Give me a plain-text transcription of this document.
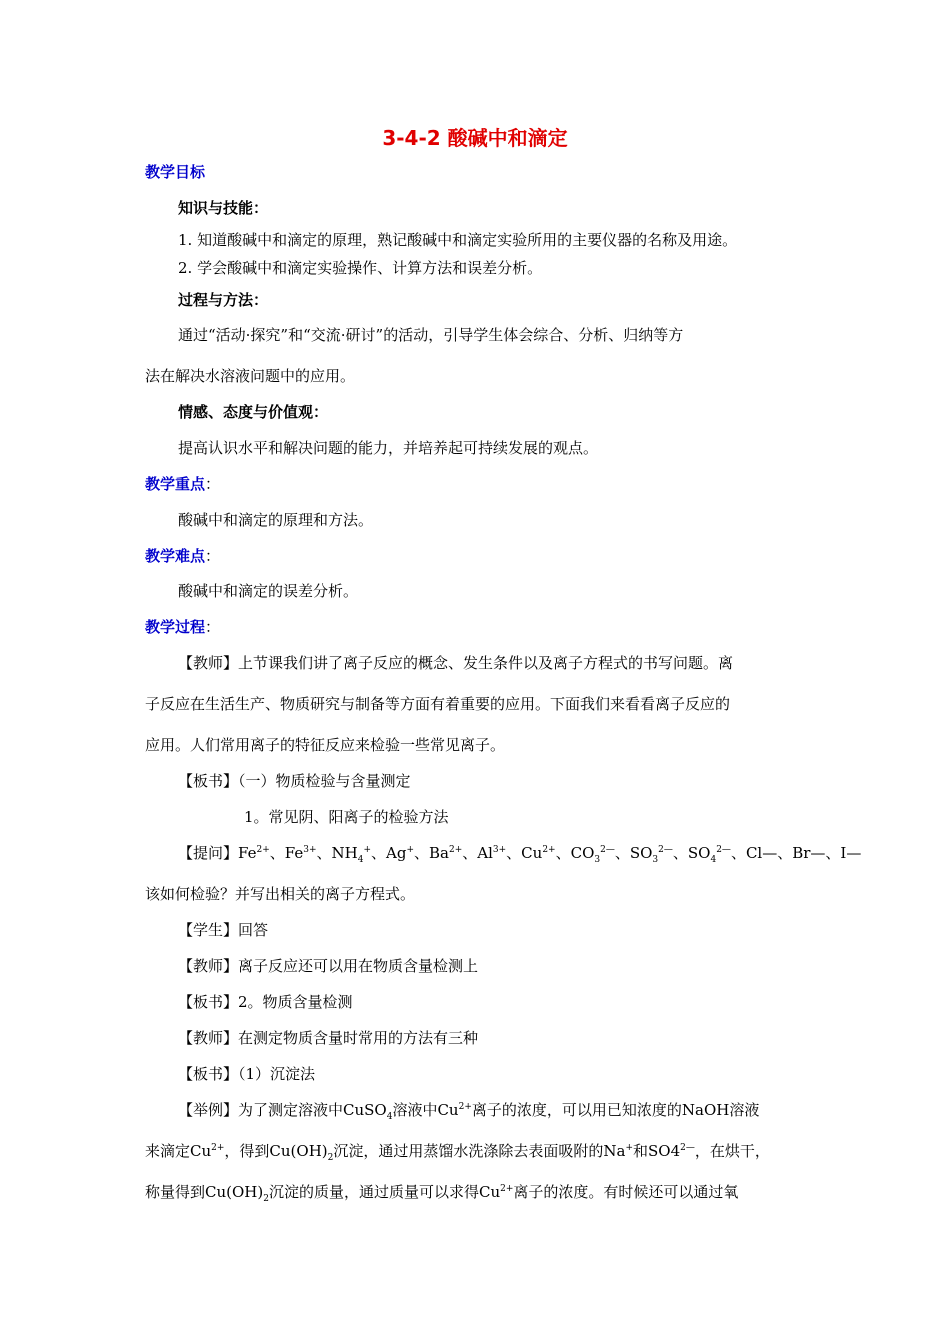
3-4-2 酸碱中和滴定
教学目标
知识与技能：
1. 知道酸碱中和滴定的原理，熟记酸碱中和滴定实验所用的主要仪器的名称及用途。
2. 学会酸碱中和滴定实验操作、计算方法和误差分析。
过程与方法：
通过“活动·探究”和“交流·研讨”的活动，引导学生体会综合、分析、归纳等方
法在解决水溶液问题中的应用。
情感、态度与价值观：
提高认识水平和解决问题的能力，并培养起可持续发展的观点。
教学重点：
酸碱中和滴定的原理和方法。
教学难点：
酸碱中和滴定的误差分析。
教学过程：
【教师】上节课我们讲了离子反应的概念、发生条件以及离子方程式的书写问题。离
子反应在生活生产、物质研究与制备等方面有着重要的应用。下面我们来看看离子反应的
应用。人们常用离子的特征反应来检验一些常见离子。
【板书】（一）物质检验与含量测定
1。常见阴、阳离子的检验方法
【提问】$Fe^{2+}$、$Fe^{3+}$、$NH_4^+$、Ag+、$Ba^{2+}$、$Al^{3+}$、$Cu^{2+}$、$CO_3^{2—}$、$SO_3^{2—}$、$SO_4^{2—}$、Cl—、Br—、I—
该如何检验？并写出相关的离子方程式。
【学生】回答
【教师】离子反应还可以用在物质含量检测上
【板书】2。物质含量检测
【教师】在测定物质含量时常用的方法有三种
【板书】（1）沉淀法
【举例】为了测定溶液中CuSO$_4$溶液中$Cu^{2+}$离子的浓度，可以用已知浓度的NaOH溶液
来滴定$Cu^{2+}$，得到$Cu(OH)_2$沉淀，通过用蒸馏水洗涤除去表面吸附的Na+和$SO4^{2—}$，在烘干，
称量得到$Cu(OH)_2$沉淀的质量，通过质量可以求得$Cu^{2+}$离子的浓度。有时候还可以通过氧
